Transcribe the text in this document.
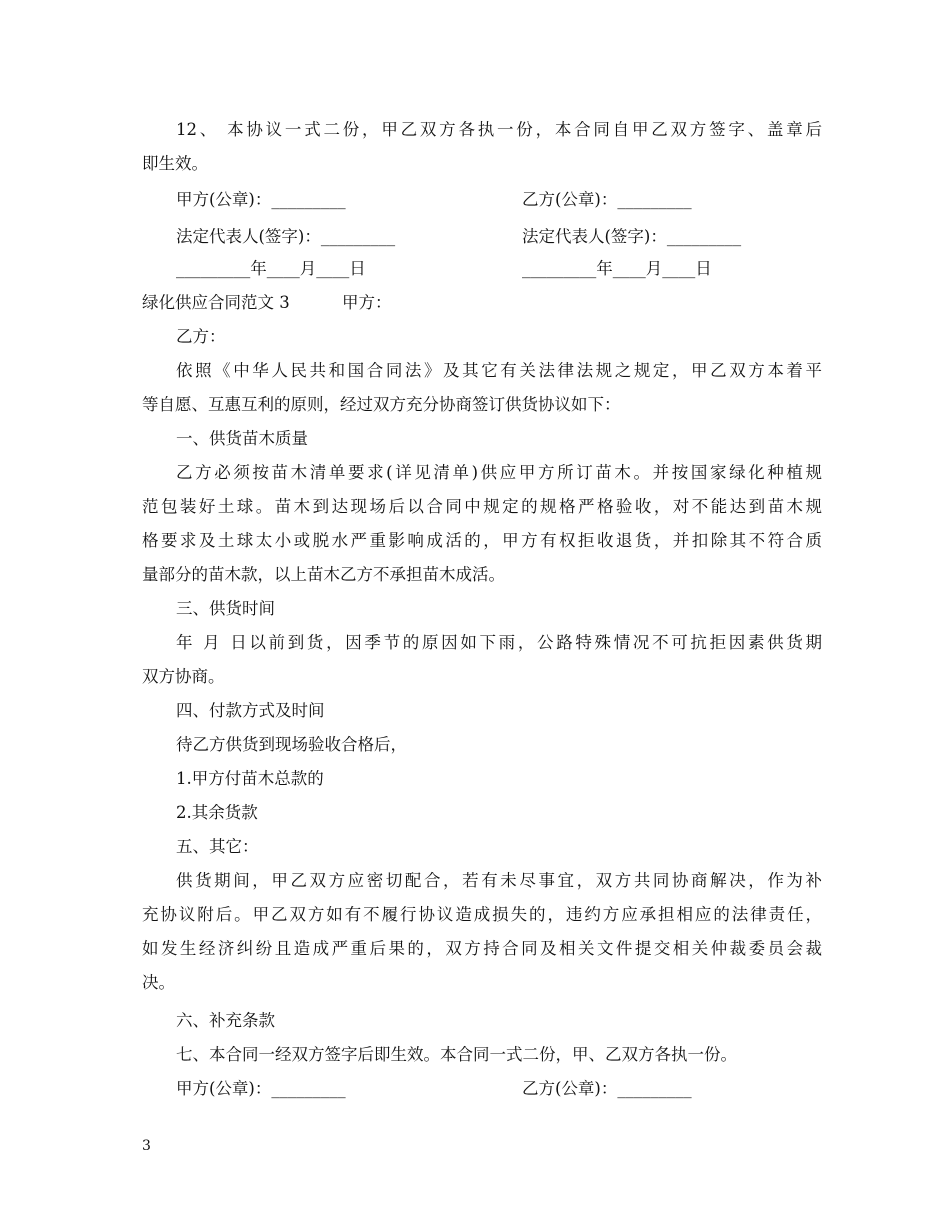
12、 本协议一式二份，甲乙双方各执一份，本合同自甲乙双方签字、盖章后
即生效。
甲方(公章)：_________	乙方(公章)：_________
法定代表人(签字)：_________	法定代表人(签字)：_________
_________年____月____日	_________年____月____日
绿化供应合同范文 3	甲方：
乙方：
依照《中华人民共和国合同法》及其它有关法律法规之规定，甲乙双方本着平
等自愿、互惠互利的原则，经过双方充分协商签订供货协议如下：
一、供货苗木质量
乙方必须按苗木清单要求(详见清单)供应甲方所订苗木。并按国家绿化种植规
范包装好土球。苗木到达现场后以合同中规定的规格严格验收，对不能达到苗木规
格要求及土球太小或脱水严重影响成活的，甲方有权拒收退货，并扣除其不符合质
量部分的苗木款，以上苗木乙方不承担苗木成活。
三、供货时间
年 月 日以前到货，因季节的原因如下雨，公路特殊情况不可抗拒因素供货期
双方协商。
四、付款方式及时间
待乙方供货到现场验收合格后，
1.甲方付苗木总款的
2.其余货款
五、其它：
供货期间，甲乙双方应密切配合，若有未尽事宜，双方共同协商解决，作为补
充协议附后。甲乙双方如有不履行协议造成损失的，违约方应承担相应的法律责任，
如发生经济纠纷且造成严重后果的，双方持合同及相关文件提交相关仲裁委员会裁
决。
六、补充条款
七、本合同一经双方签字后即生效。本合同一式二份，甲、乙双方各执一份。
甲方(公章)：_________	乙方(公章)：_________
3
